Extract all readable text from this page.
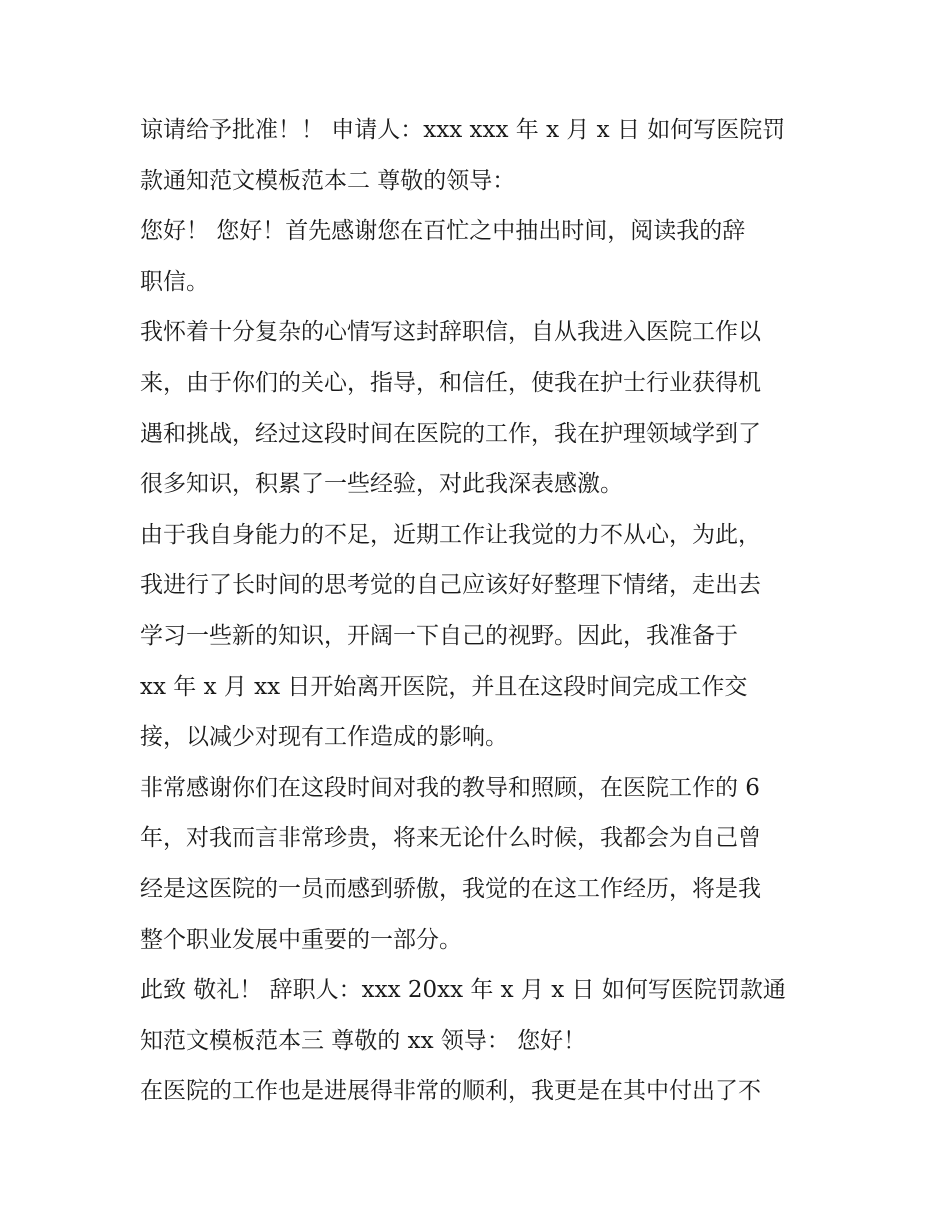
谅请给予批准！！ 申请人：xxx xxx 年 x 月 x 日 如何写医院罚
款通知范文模板范本二 尊敬的领导：
您好！ 您好！首先感谢您在百忙之中抽出时间，阅读我的辞
职信。
我怀着十分复杂的心情写这封辞职信，自从我进入医院工作以
来，由于你们的关心，指导，和信任，使我在护士行业获得机
遇和挑战，经过这段时间在医院的工作，我在护理领域学到了
很多知识，积累了一些经验，对此我深表感激。
由于我自身能力的不足，近期工作让我觉的力不从心，为此，
我进行了长时间的思考觉的自己应该好好整理下情绪，走出去
学习一些新的知识，开阔一下自己的视野。因此，我准备于
xx 年 x 月 xx 日开始离开医院，并且在这段时间完成工作交
接，以减少对现有工作造成的影响。
非常感谢你们在这段时间对我的教导和照顾，在医院工作的 6
年，对我而言非常珍贵，将来无论什么时候，我都会为自己曾
经是这医院的一员而感到骄傲，我觉的在这工作经历，将是我
整个职业发展中重要的一部分。
此致 敬礼！ 辞职人：xxx 20xx 年 x 月 x 日 如何写医院罚款通
知范文模板范本三 尊敬的 xx 领导： 您好！
在医院的工作也是进展得非常的顺利，我更是在其中付出了不
